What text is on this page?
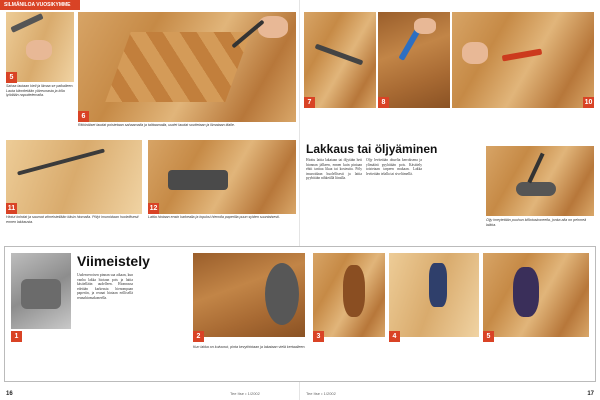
SILMÄNILOA VUOSIKYMME
5
Sahaa lautaan kieli ja liimaa se paikalleen. Lauta kiinnitetään yläreunasta ja kiila lyödään naputtelemalla.
6
Rikkinäiset laudat poistetaan sahaamalla ja talttaamalla, uudet laudat sovitetaan ja liimataan tilalle.
7	8	10
11
Hiotut kohdat ja saumat viimeistellään käsin hiomalla. Pölyt imuroidaan huolellisesti ennen lakkausta.
12
Lattia hiotaan ensin karkealla ja lopuksi hienolla paperilla puun syiden suuntaisesti.
Lakkaus tai öljyäminen
Hiottu lattia lakataan tai öljytään heti hionnan jälkeen, ennen kuin pintaan ehtii tarttua likaa tai kosteutta. Pöly imuroidaan huolellisesti ja lattia pyyhitään nihkeällä liinalla.
Öljy levitetään ohuelta kerroksena ja ylimäärä pyyhitään pois. Käsittely toistetaan tarpeen mukaan. Lakka levitetään telalla tai siveltimellä.
Öljy imeytetään puuhun kiillotuskoneella, jonka alla on pehmeä laikka.
1
Viimeistely
Uudenveroisen pinnan saa aikaan, kun vanha lakka hiotaan pois ja lattia käsitellään uudelleen. Hionnassa edetään karkeasta hienompaan paperiin, ja reunat hiotaan erillisellä reunahiomakoneella.
2	3	4	5
Kun lakka on kuivunut, pinta kevythiotaan ja lakataan vielä kertaalleen.
16	Tee Itse • 1/2002	Tee Itse • 1/2002	17
